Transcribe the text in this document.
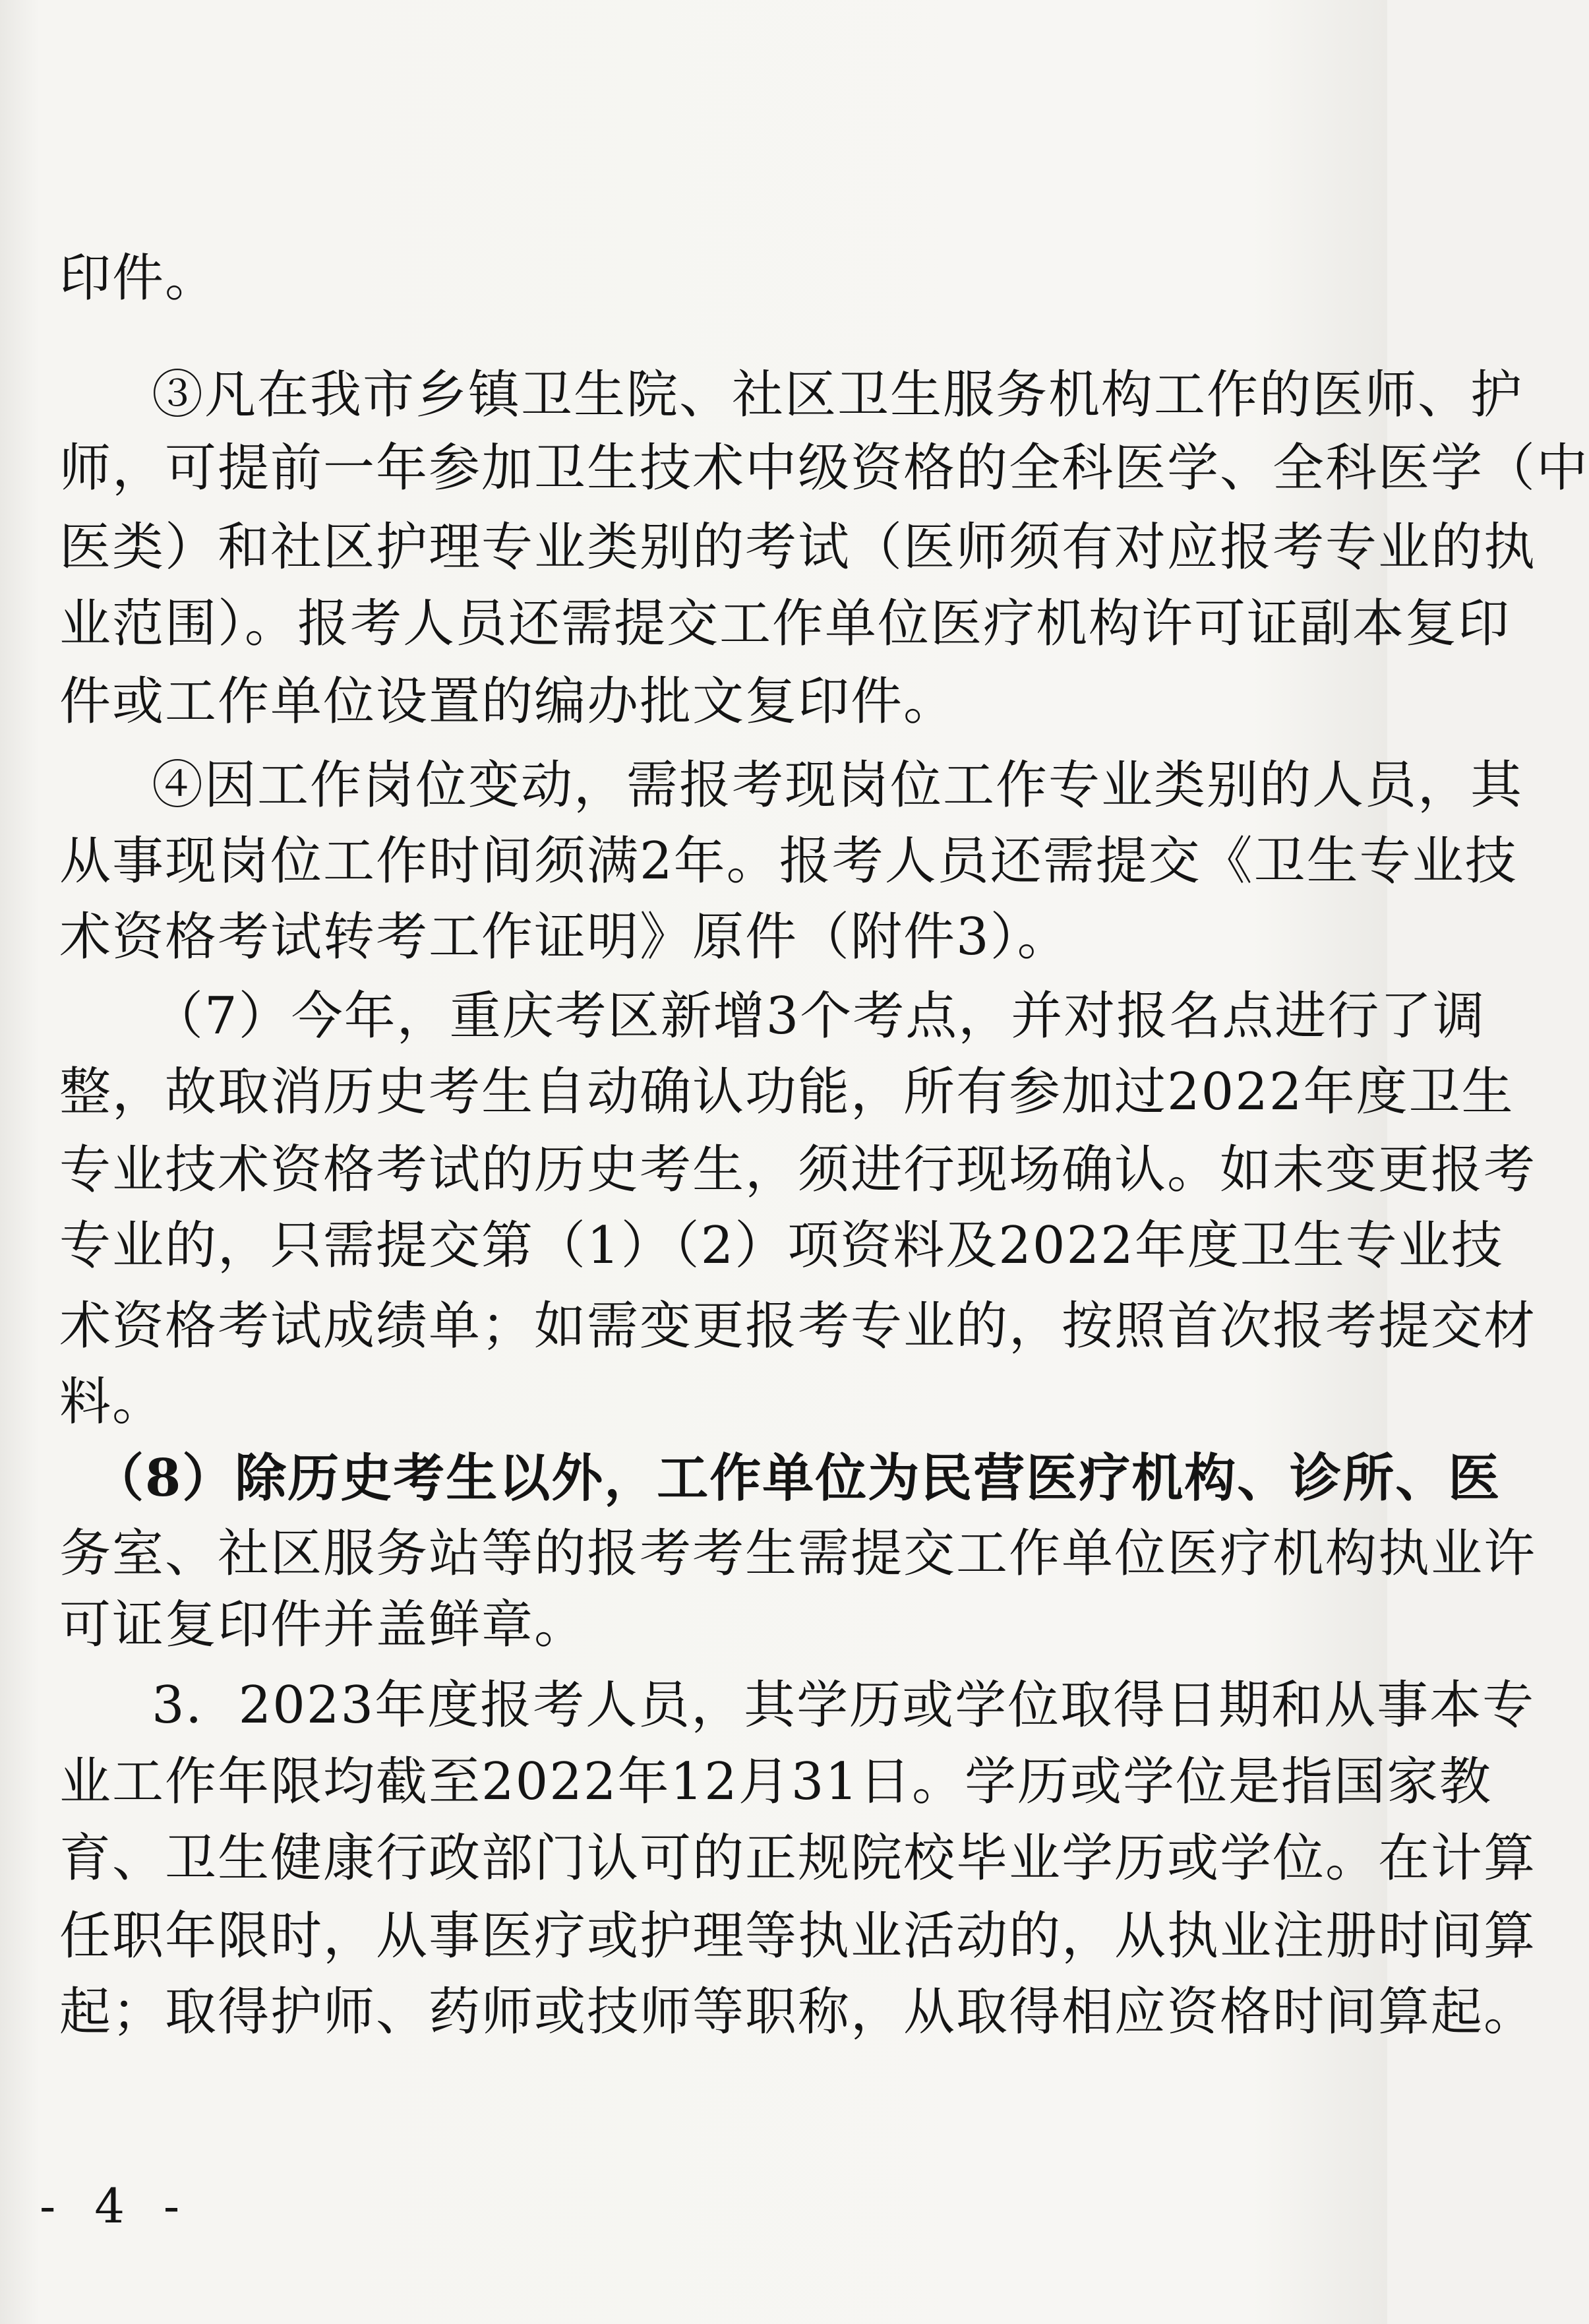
印件。
③凡在我市乡镇卫生院、社区卫生服务机构工作的医师、护
师，可提前一年参加卫生技术中级资格的全科医学、全科医学（中
医类）和社区护理专业类别的考试（医师须有对应报考专业的执
业范围）。报考人员还需提交工作单位医疗机构许可证副本复印
件或工作单位设置的编办批文复印件。
④因工作岗位变动，需报考现岗位工作专业类别的人员，其
从事现岗位工作时间须满2年。报考人员还需提交《卫生专业技
术资格考试转考工作证明》原件（附件3）。
（7）今年，重庆考区新增3个考点，并对报名点进行了调
整，故取消历史考生自动确认功能，所有参加过2022年度卫生
专业技术资格考试的历史考生，须进行现场确认。如未变更报考
专业的，只需提交第（1）（2）项资料及2022年度卫生专业技
术资格考试成绩单；如需变更报考专业的，按照首次报考提交材
料。
（8）除历史考生以外，工作单位为民营医疗机构、诊所、医
务室、社区服务站等的报考考生需提交工作单位医疗机构执业许
可证复印件并盖鲜章。
3．2023年度报考人员，其学历或学位取得日期和从事本专
业工作年限均截至2022年12月31日。学历或学位是指国家教
育、卫生健康行政部门认可的正规院校毕业学历或学位。在计算
任职年限时，从事医疗或护理等执业活动的，从执业注册时间算
起；取得护师、药师或技师等职称，从取得相应资格时间算起。
- 4 -
